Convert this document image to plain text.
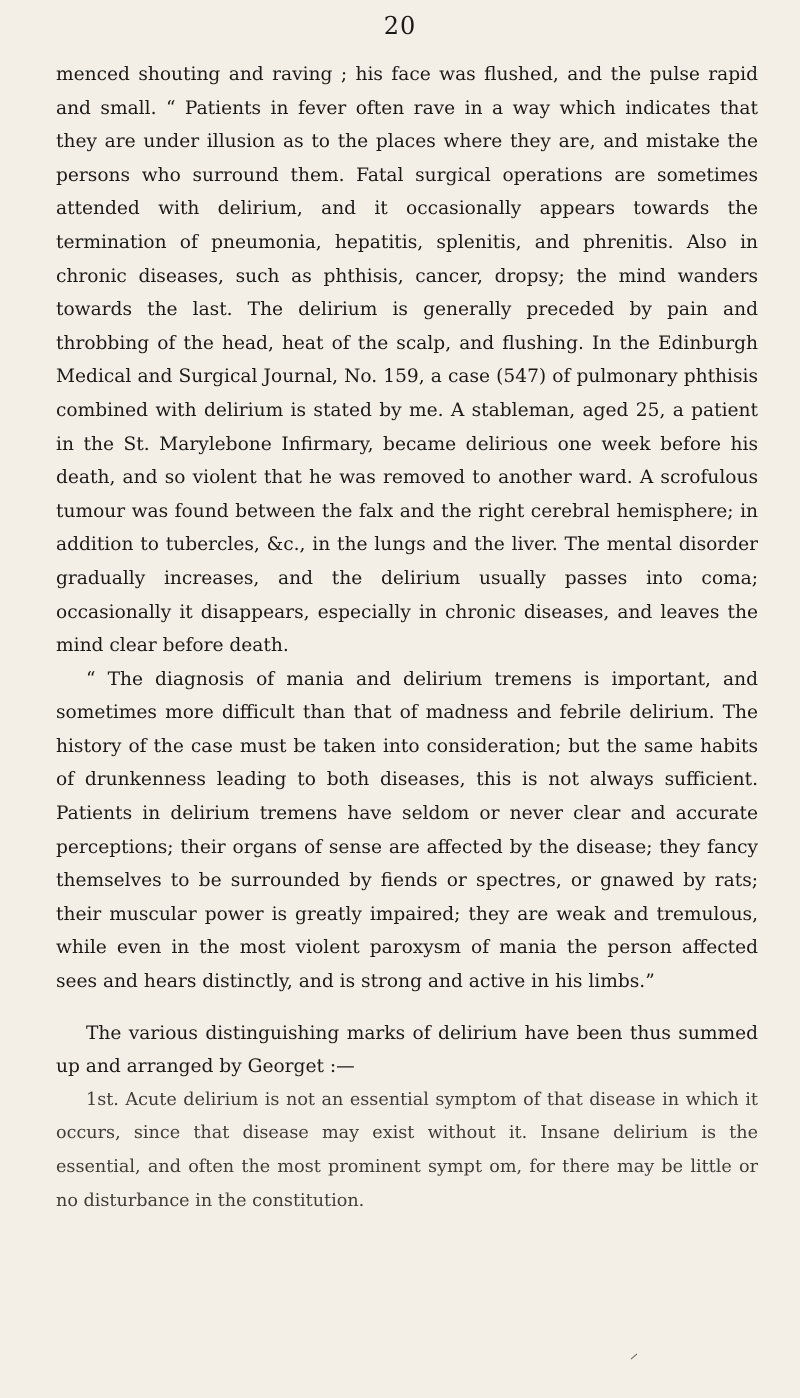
20

menced shouting and raving ; his face was flushed, and the pulse rapid and small. “ Patients in fever often rave in a way which indicates that they are under illusion as to the places where they are, and mistake the persons who surround them. Fatal surgical operations are sometimes attended with delirium, and it occasionally appears towards the termination of pneumonia, hepatitis, splenitis, and phrenitis. Also in chronic diseases, such as phthisis, cancer, dropsy; the mind wanders towards the last. The delirium is generally preceded by pain and throbbing of the head, heat of the scalp, and flushing. In the Edinburgh Medical and Surgical Journal, No. 159, a case (547) of pulmonary phthisis combined with delirium is stated by me. A stableman, aged 25, a patient in the St. Marylebone Infirmary, became delirious one week before his death, and so violent that he was removed to another ward. A scrofulous tumour was found between the falx and the right cerebral hemisphere; in addition to tubercles, &c., in the lungs and the liver. The mental disorder gradually increases, and the delirium usually passes into coma; occasionally it disappears, especially in chronic diseases, and leaves the mind clear before death.

“ The diagnosis of mania and delirium tremens is important, and sometimes more difficult than that of madness and febrile delirium. The history of the case must be taken into consideration; but the same habits of drunkenness leading to both diseases, this is not always sufficient. Patients in delirium tremens have seldom or never clear and accurate perceptions; their organs of sense are affected by the disease; they fancy themselves to be surrounded by fiends or spectres, or gnawed by rats; their muscular power is greatly impaired; they are weak and tremulous, while even in the most violent paroxysm of mania the person affected sees and hears distinctly, and is strong and active in his limbs.”

The various distinguishing marks of delirium have been thus summed up and arranged by Georget :—

1st. Acute delirium is not an essential symptom of that disease in which it occurs, since that disease may exist without it. Insane delirium is the essential, and often the most prominent sympt om, for there may be little or no disturbance in the constitution.
